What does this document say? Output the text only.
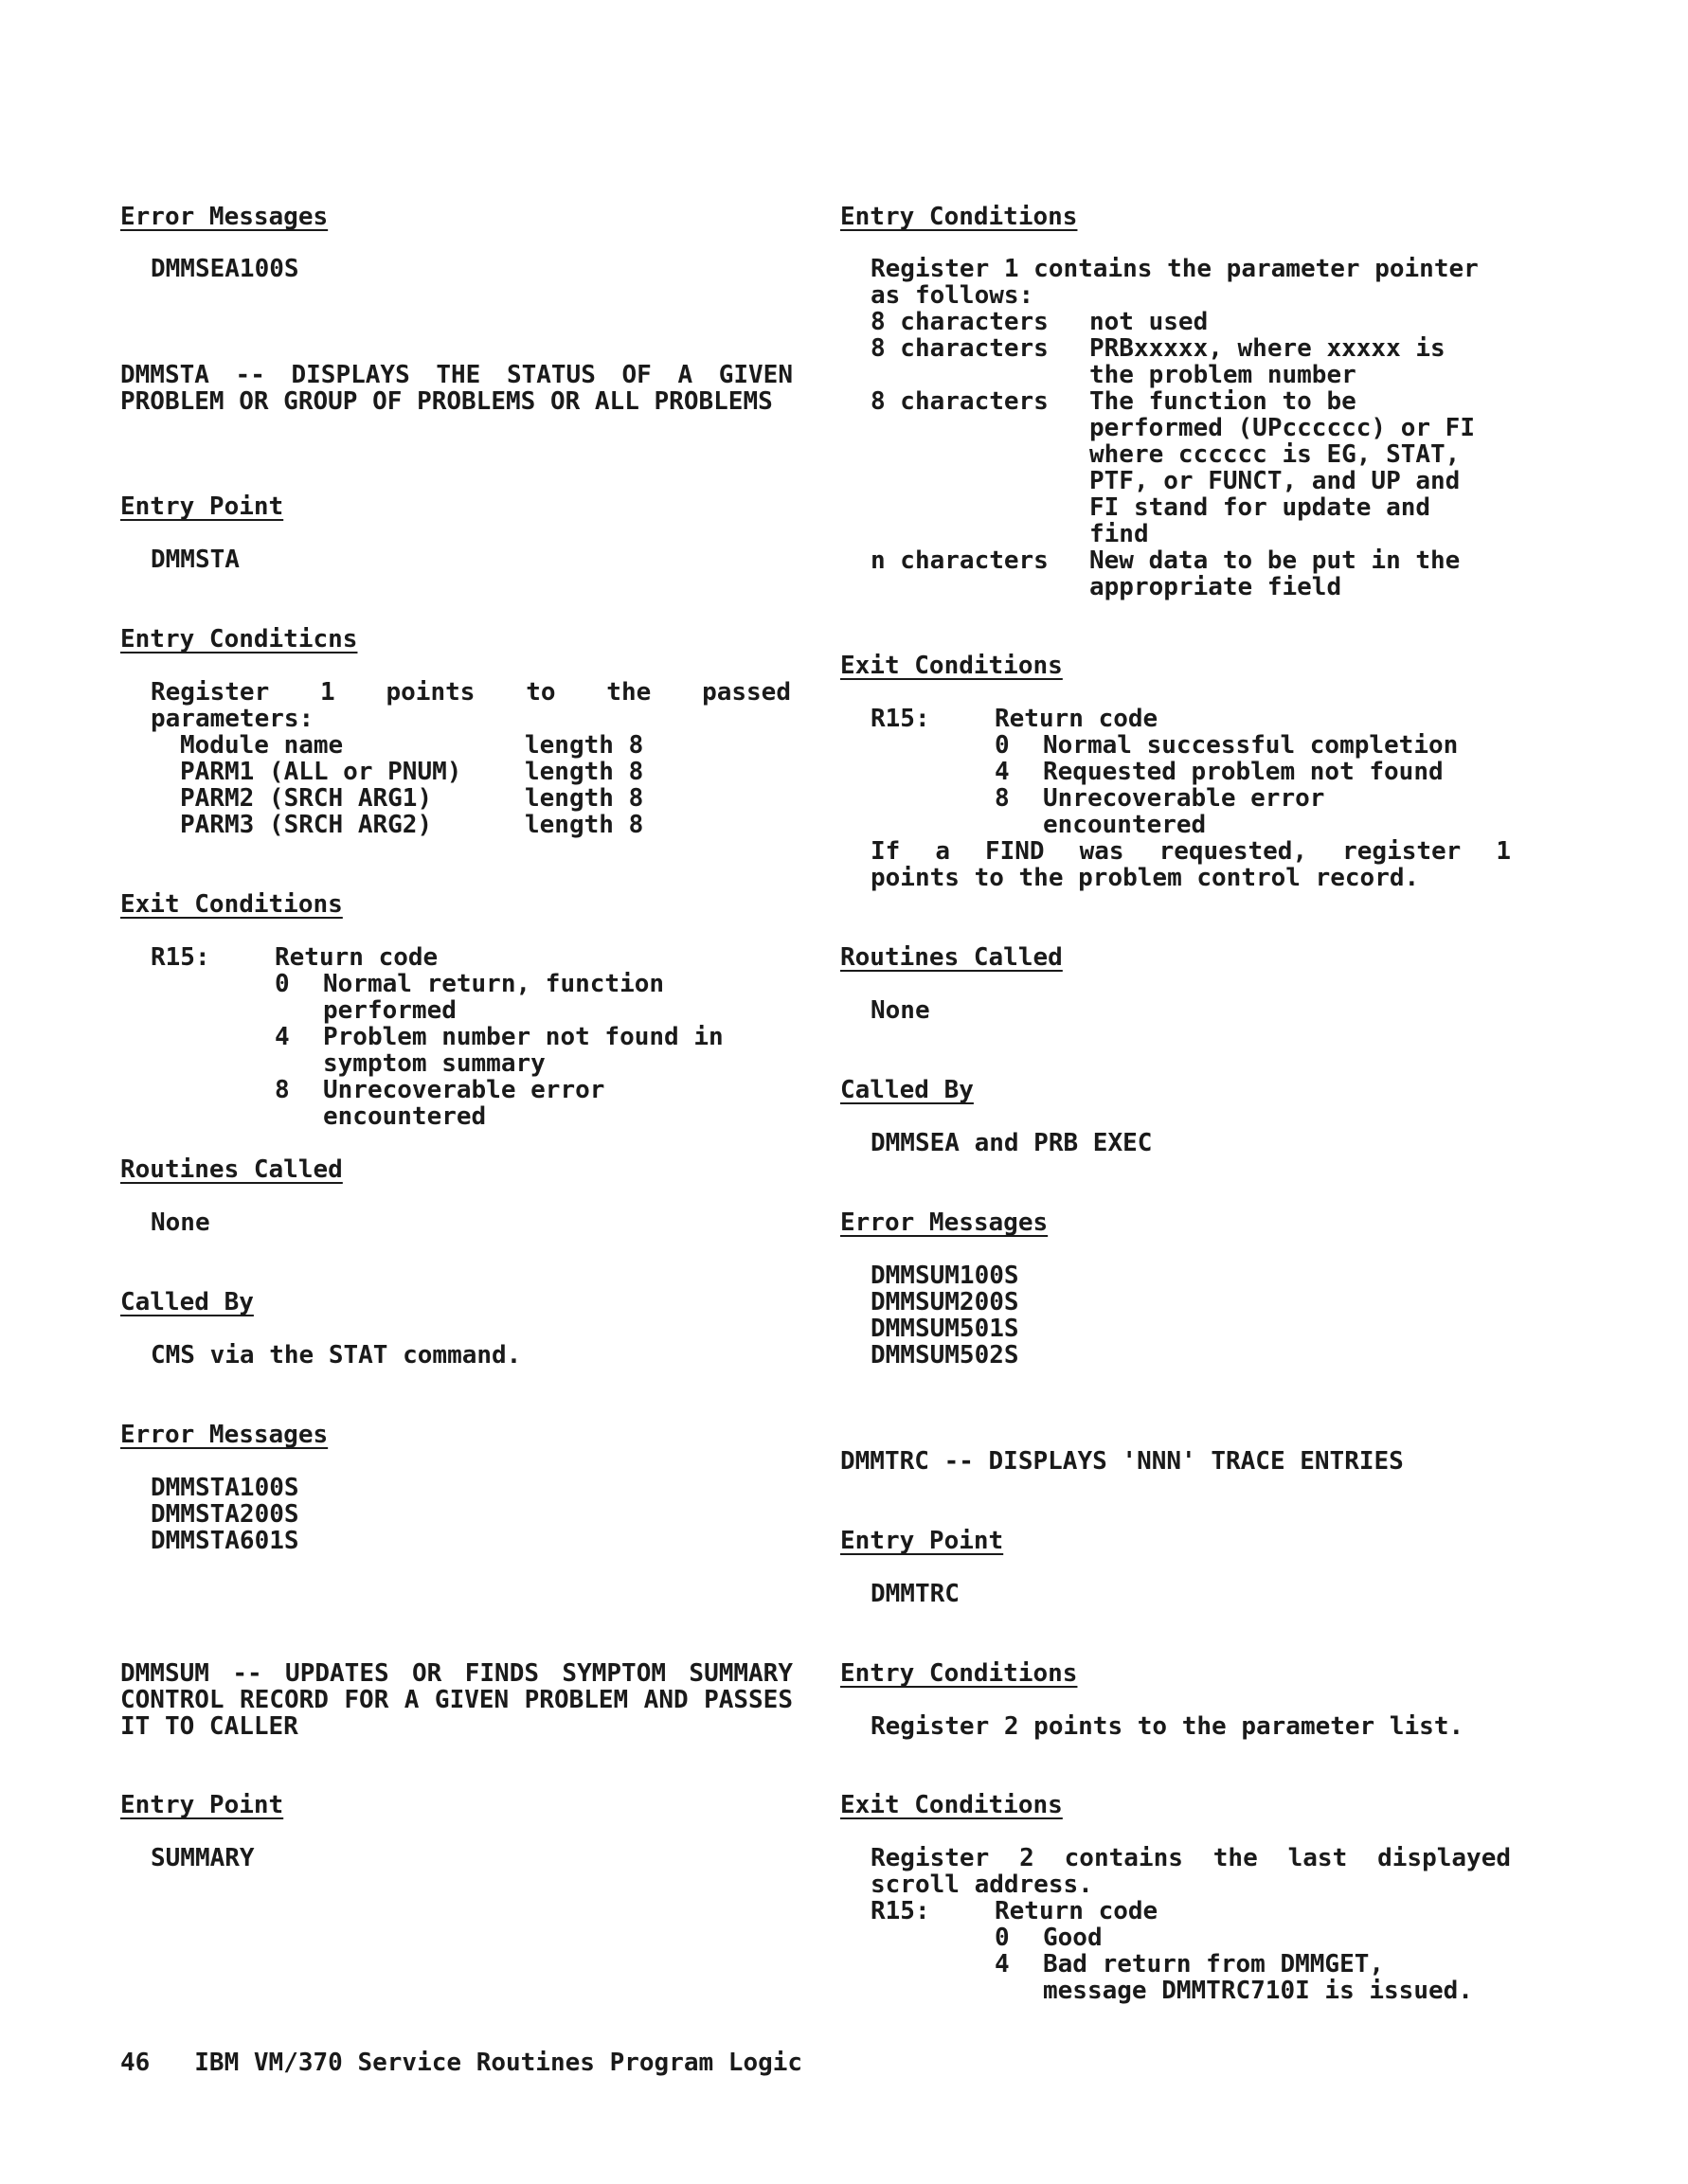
Error Messages
DMMSEA100S
DMMSTA -- DISPLAYS THE STATUS OF A GIVEN PROBLEM OR GROUP OF PROBLEMS OR ALL PROBLEMS
Entry Point
DMMSTA
Entry Conditicns
Register 1 points to the passed
parameters:
Module name	length 8
PARM1 (ALL or PNUM)	length 8
PARM2 (SRCH ARG1)	length 8
PARM3 (SRCH ARG2)	length 8
Exit Conditions
R15:	Return code
0 Normal return, function
performed
4 Problem number not found in
symptom summary
8 Unrecoverable error
encountered
Routines Called
None
Called By
CMS via the STAT command.
Error Messages
DMMSTA100S
DMMSTA200S
DMMSTA601S
DMMSUM -- UPDATES OR FINDS SYMPTOM SUMMARY CONTROL RECORD FOR A GIVEN PROBLEM AND PASSES IT TO CALLER
Entry Point
SUMMARY
Entry Conditions
Register 1 contains the parameter pointer
as follows:
8 characters not used
8 characters PRBxxxxx, where xxxxx is
the problem number
8 characters The function to be
performed (UPcccccc) or FI
where cccccc is EG, STAT,
PTF, or FUNCT, and UP and
FI stand for update and
find
n characters New data to be put in the
appropriate field
Exit Conditions
R15:	Return code
0 Normal successful completion
4 Requested problem not found
8 Unrecoverable error
encountered
If a FIND was requested, register 1
points to the problem control record.
Routines Called
None
Called By
DMMSEA and PRB EXEC
Error Messages
DMMSUM100S
DMMSUM200S
DMMSUM501S
DMMSUM502S
DMMTRC -- DISPLAYS 'NNN' TRACE ENTRIES
Entry Point
DMMTRC
Entry Conditions
Register 2 points to the parameter list.
Exit Conditions
Register 2 contains the last displayed
scroll address.
R15:	Return code
0 Good
4 Bad return from DMMGET,
message DMMTRC710I is issued.
46 IBM VM/370 Service Routines Program Logic
